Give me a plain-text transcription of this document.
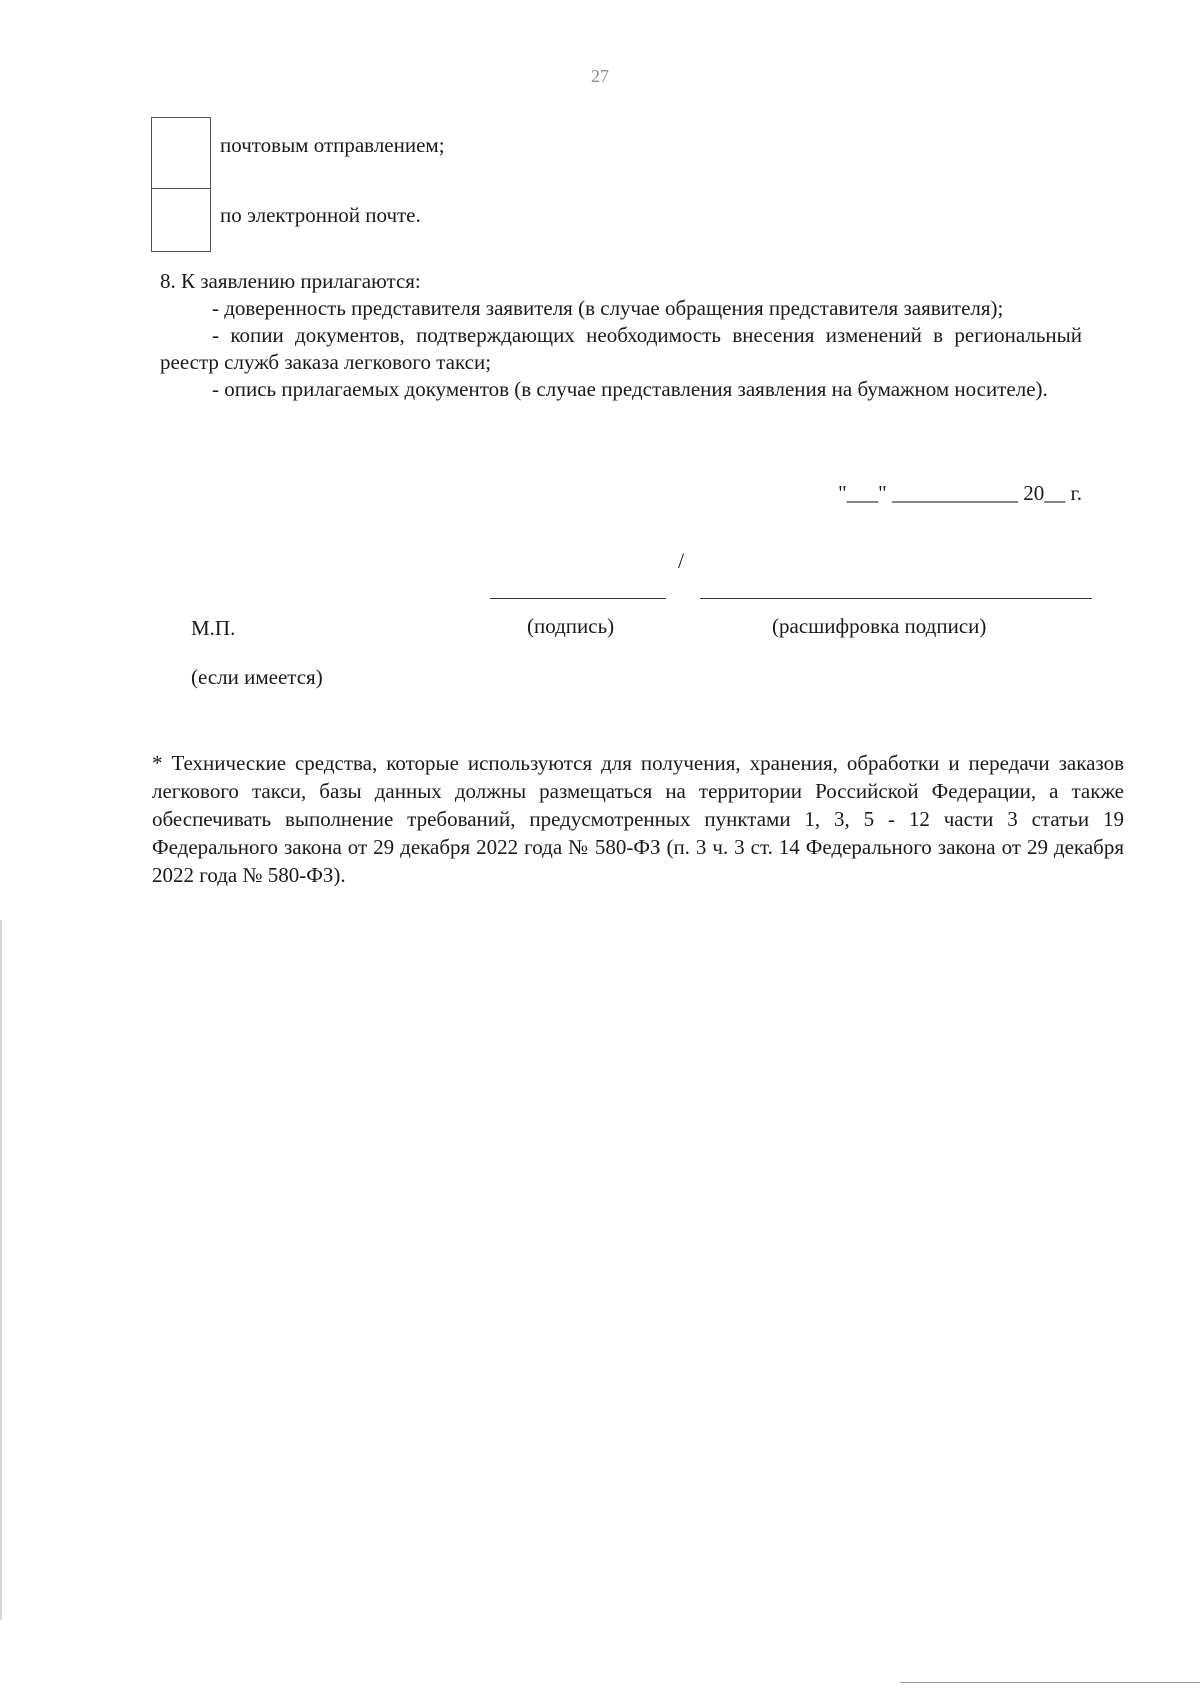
27
почтовым отправлением;
по электронной почте.

8. К заявлению прилагаются:

- доверенность представителя заявителя (в случае обращения представителя заявителя);

- копии документов, подтверждающих необходимость внесения изменений в региональный реестр служб заказа легкового такси;

- опись прилагаемых документов (в случае представления заявления на бумажном носителе).

"___" ____________ 20__ г.
/
М.П.	(подпись)	(расшифровка подписи)
(если имеется)

* Технические средства, которые используются для получения, хранения, обработки и передачи заказов легкового такси, базы данных должны размещаться на территории Российской Федерации, а также обеспечивать выполнение требований, предусмотренных пунктами 1, 3, 5 - 12 части 3 статьи 19 Федерального закона от 29 декабря 2022 года № 580-ФЗ (п. 3 ч. 3 ст. 14 Федерального закона от 29 декабря 2022 года № 580-ФЗ).
